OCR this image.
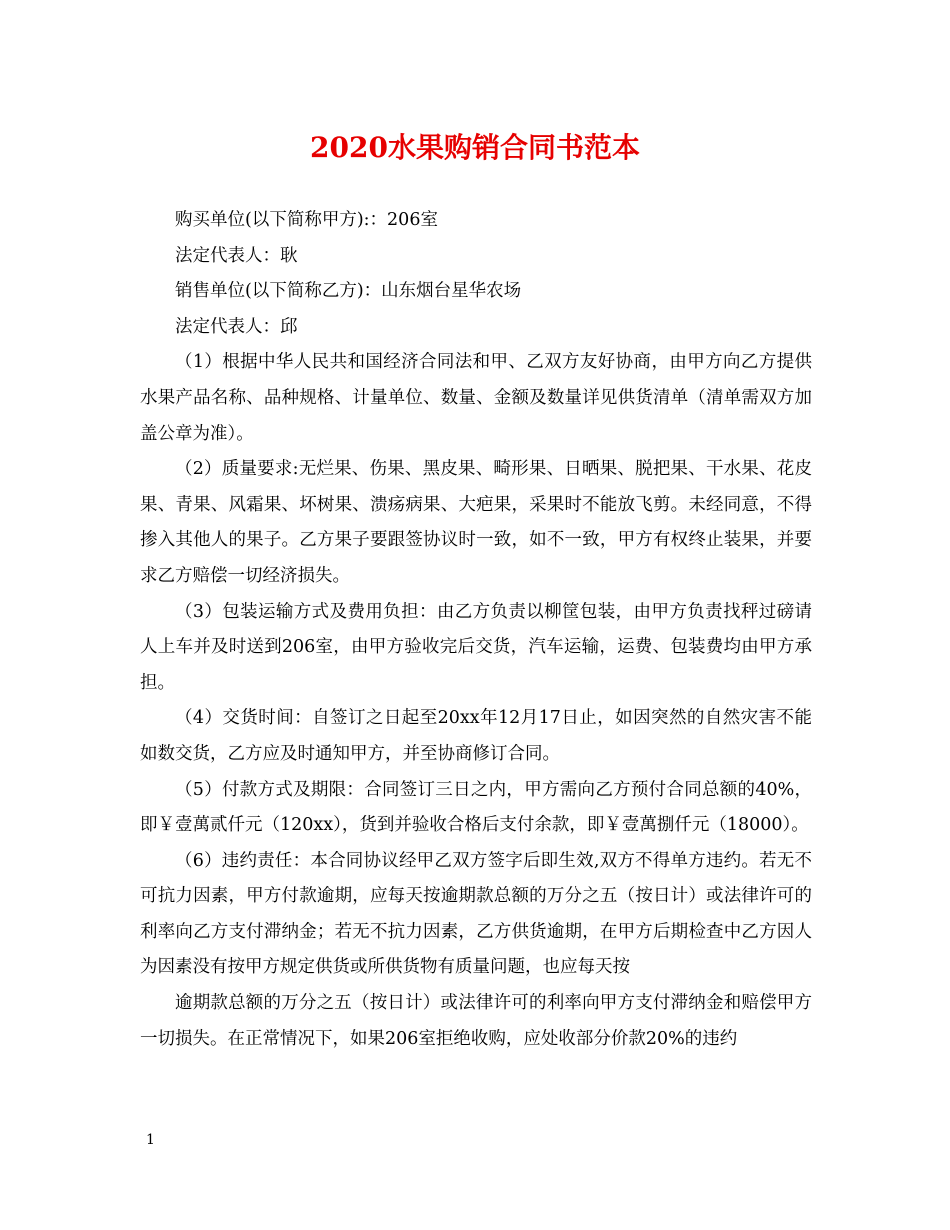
2020水果购销合同书范本

购买单位(以下简称甲方):：206室

法定代表人：耿

销售单位(以下简称乙方)：山东烟台星华农场

法定代表人：邱

（1）根据中华人民共和国经济合同法和甲、乙双方友好协商，由甲方向乙方提供水果产品名称、品种规格、计量单位、数量、金额及数量详见供货清单（清单需双方加盖公章为准）。

（2）质量要求:无烂果、伤果、黑皮果、畸形果、日晒果、脱把果、干水果、花皮果、青果、风霜果、坏树果、溃疡病果、大疤果，采果时不能放飞剪。未经同意，不得掺入其他人的果子。乙方果子要跟签协议时一致，如不一致，甲方有权终止装果，并要求乙方赔偿一切经济损失。

（3）包装运输方式及费用负担：由乙方负责以柳筐包装，由甲方负责找秤过磅请人上车并及时送到206室，由甲方验收完后交货，汽车运输，运费、包装费均由甲方承担。

（4）交货时间：自签订之日起至20xx年12月17日止，如因突然的自然灾害不能如数交货，乙方应及时通知甲方，并至协商修订合同。

（5）付款方式及期限：合同签订三日之内，甲方需向乙方预付合同总额的40%，即￥壹萬贰仟元（120xx），货到并验收合格后支付余款，即￥壹萬捌仟元（18000）。

（6）违约责任：本合同协议经甲乙双方签字后即生效,双方不得单方违约。若无不可抗力因素，甲方付款逾期，应每天按逾期款总额的万分之五（按日计）或法律许可的利率向乙方支付滞纳金；若无不抗力因素，乙方供货逾期，在甲方后期检查中乙方因人为因素没有按甲方规定供货或所供货物有质量问题，也应每天按

逾期款总额的万分之五（按日计）或法律许可的利率向甲方支付滞纳金和赔偿甲方一切损失。在正常情况下，如果206室拒绝收购，应处收部分价款20%的违约

1
